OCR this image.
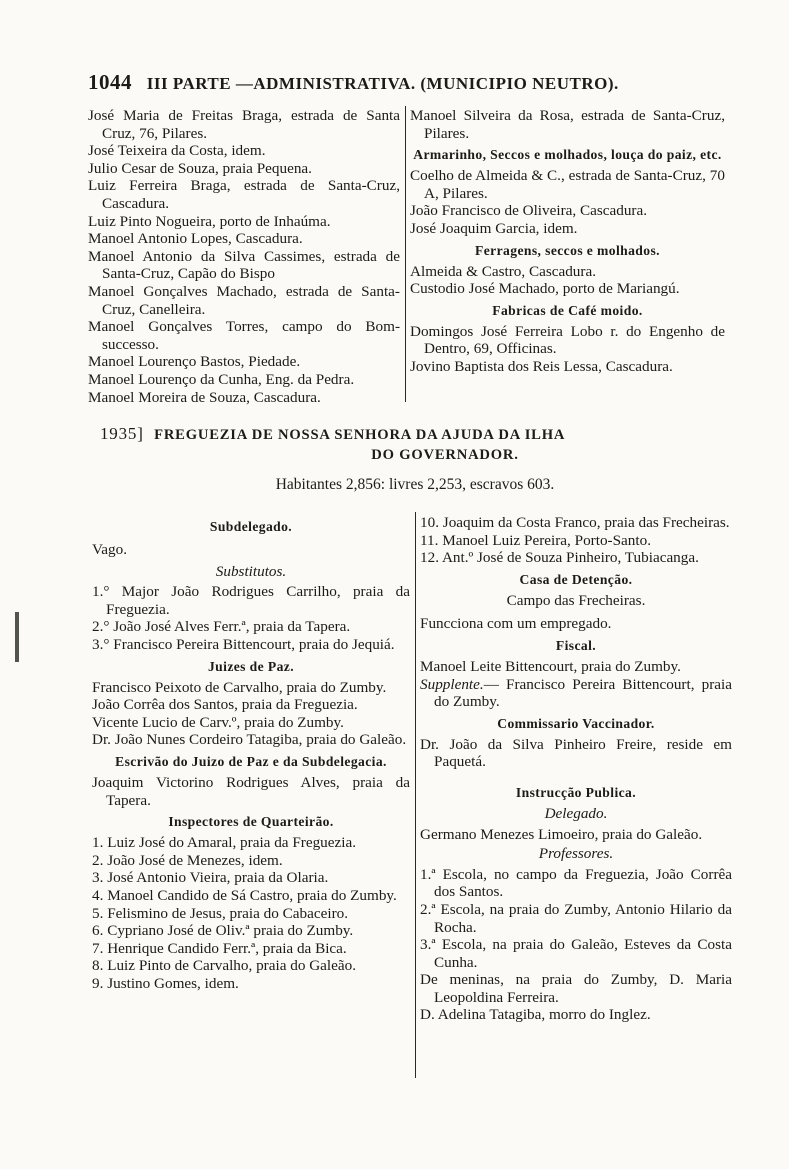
1044 III PARTE —ADMINISTRATIVA. (MUNICIPIO NEUTRO).

José Maria de Freitas Braga, estrada de Santa Cruz, 76, Pilares.

José Teixeira da Costa, idem.

Julio Cesar de Souza, praia Pequena.

Luiz Ferreira Braga, estrada de Santa-Cruz, Cascadura.

Luiz Pinto Nogueira, porto de Inhaúma.

Manoel Antonio Lopes, Cascadura.

Manoel Antonio da Silva Cassimes, estrada de Santa-Cruz, Capão do Bispo

Manoel Gonçalves Machado, estrada de Santa-Cruz, Canelleira.

Manoel Gonçalves Torres, campo do Bom-successo.

Manoel Lourenço Bastos, Piedade.

Manoel Lourenço da Cunha, Eng. da Pedra.

Manoel Moreira de Souza, Cascadura.

Manoel Silveira da Rosa, estrada de Santa-Cruz, Pilares.

Armarinho, Seccos e molhados, louça do paiz, etc.

Coelho de Almeida & C., estrada de Santa-Cruz, 70 A, Pilares.

João Francisco de Oliveira, Cascadura.

José Joaquim Garcia, idem.

Ferragens, seccos e molhados.

Almeida & Castro, Cascadura.

Custodio José Machado, porto de Mariangú.

Fabricas de Café moido.

Domingos José Ferreira Lobo r. do Engenho de Dentro, 69, Officinas.

Jovino Baptista dos Reis Lessa, Cascadura.

1935] FREGUEZIA DE NOSSA SENHORA DA AJUDA DA ILHA
DO GOVERNADOR.
Habitantes 2,856: livres 2,253, escravos 603.
Subdelegado.

Vago.

Substitutos.

1.° Major João Rodrigues Carrilho, praia da Freguezia.

2.° João José Alves Ferr.ª, praia da Tapera.

3.° Francisco Pereira Bittencourt, praia do Jequiá.

Juizes de Paz.

Francisco Peixoto de Carvalho, praia do Zumby.

João Corrêa dos Santos, praia da Freguezia.

Vicente Lucio de Carv.º, praia do Zumby.

Dr. João Nunes Cordeiro Tatagiba, praia do Galeão.

Escrivão do Juizo de Paz e da Subdelegacia.

Joaquim Victorino Rodrigues Alves, praia da Tapera.

Inspectores de Quarteirão.

1. Luiz José do Amaral, praia da Freguezia.

2. João José de Menezes, idem.

3. José Antonio Vieira, praia da Olaria.

4. Manoel Candido de Sá Castro, praia do Zumby.

5. Felismino de Jesus, praia do Cabaceiro.

6. Cypriano José de Oliv.ª praia do Zumby.

7. Henrique Candido Ferr.ª, praia da Bica.

8. Luiz Pinto de Carvalho, praia do Galeão.

9. Justino Gomes, idem.

10. Joaquim da Costa Franco, praia das Frecheiras.

11. Manoel Luiz Pereira, Porto-Santo.

12. Ant.º José de Souza Pinheiro, Tubiacanga.

Casa de Detenção.

Campo das Frecheiras.

Funcciona com um empregado.

Fiscal.

Manoel Leite Bittencourt, praia do Zumby.

Supplente.— Francisco Pereira Bittencourt, praia do Zumby.

Commissario Vaccinador.

Dr. João da Silva Pinheiro Freire, reside em Paquetá.

Instrucção Publica.
Delegado.

Germano Menezes Limoeiro, praia do Galeão.

Professores.

1.ª Escola, no campo da Freguezia, João Corrêa dos Santos.

2.ª Escola, na praia do Zumby, Antonio Hilario da Rocha.

3.ª Escola, na praia do Galeão, Esteves da Costa Cunha.

De meninas, na praia do Zumby, D. Maria Leopoldina Ferreira.

D. Adelina Tatagiba, morro do Inglez.
